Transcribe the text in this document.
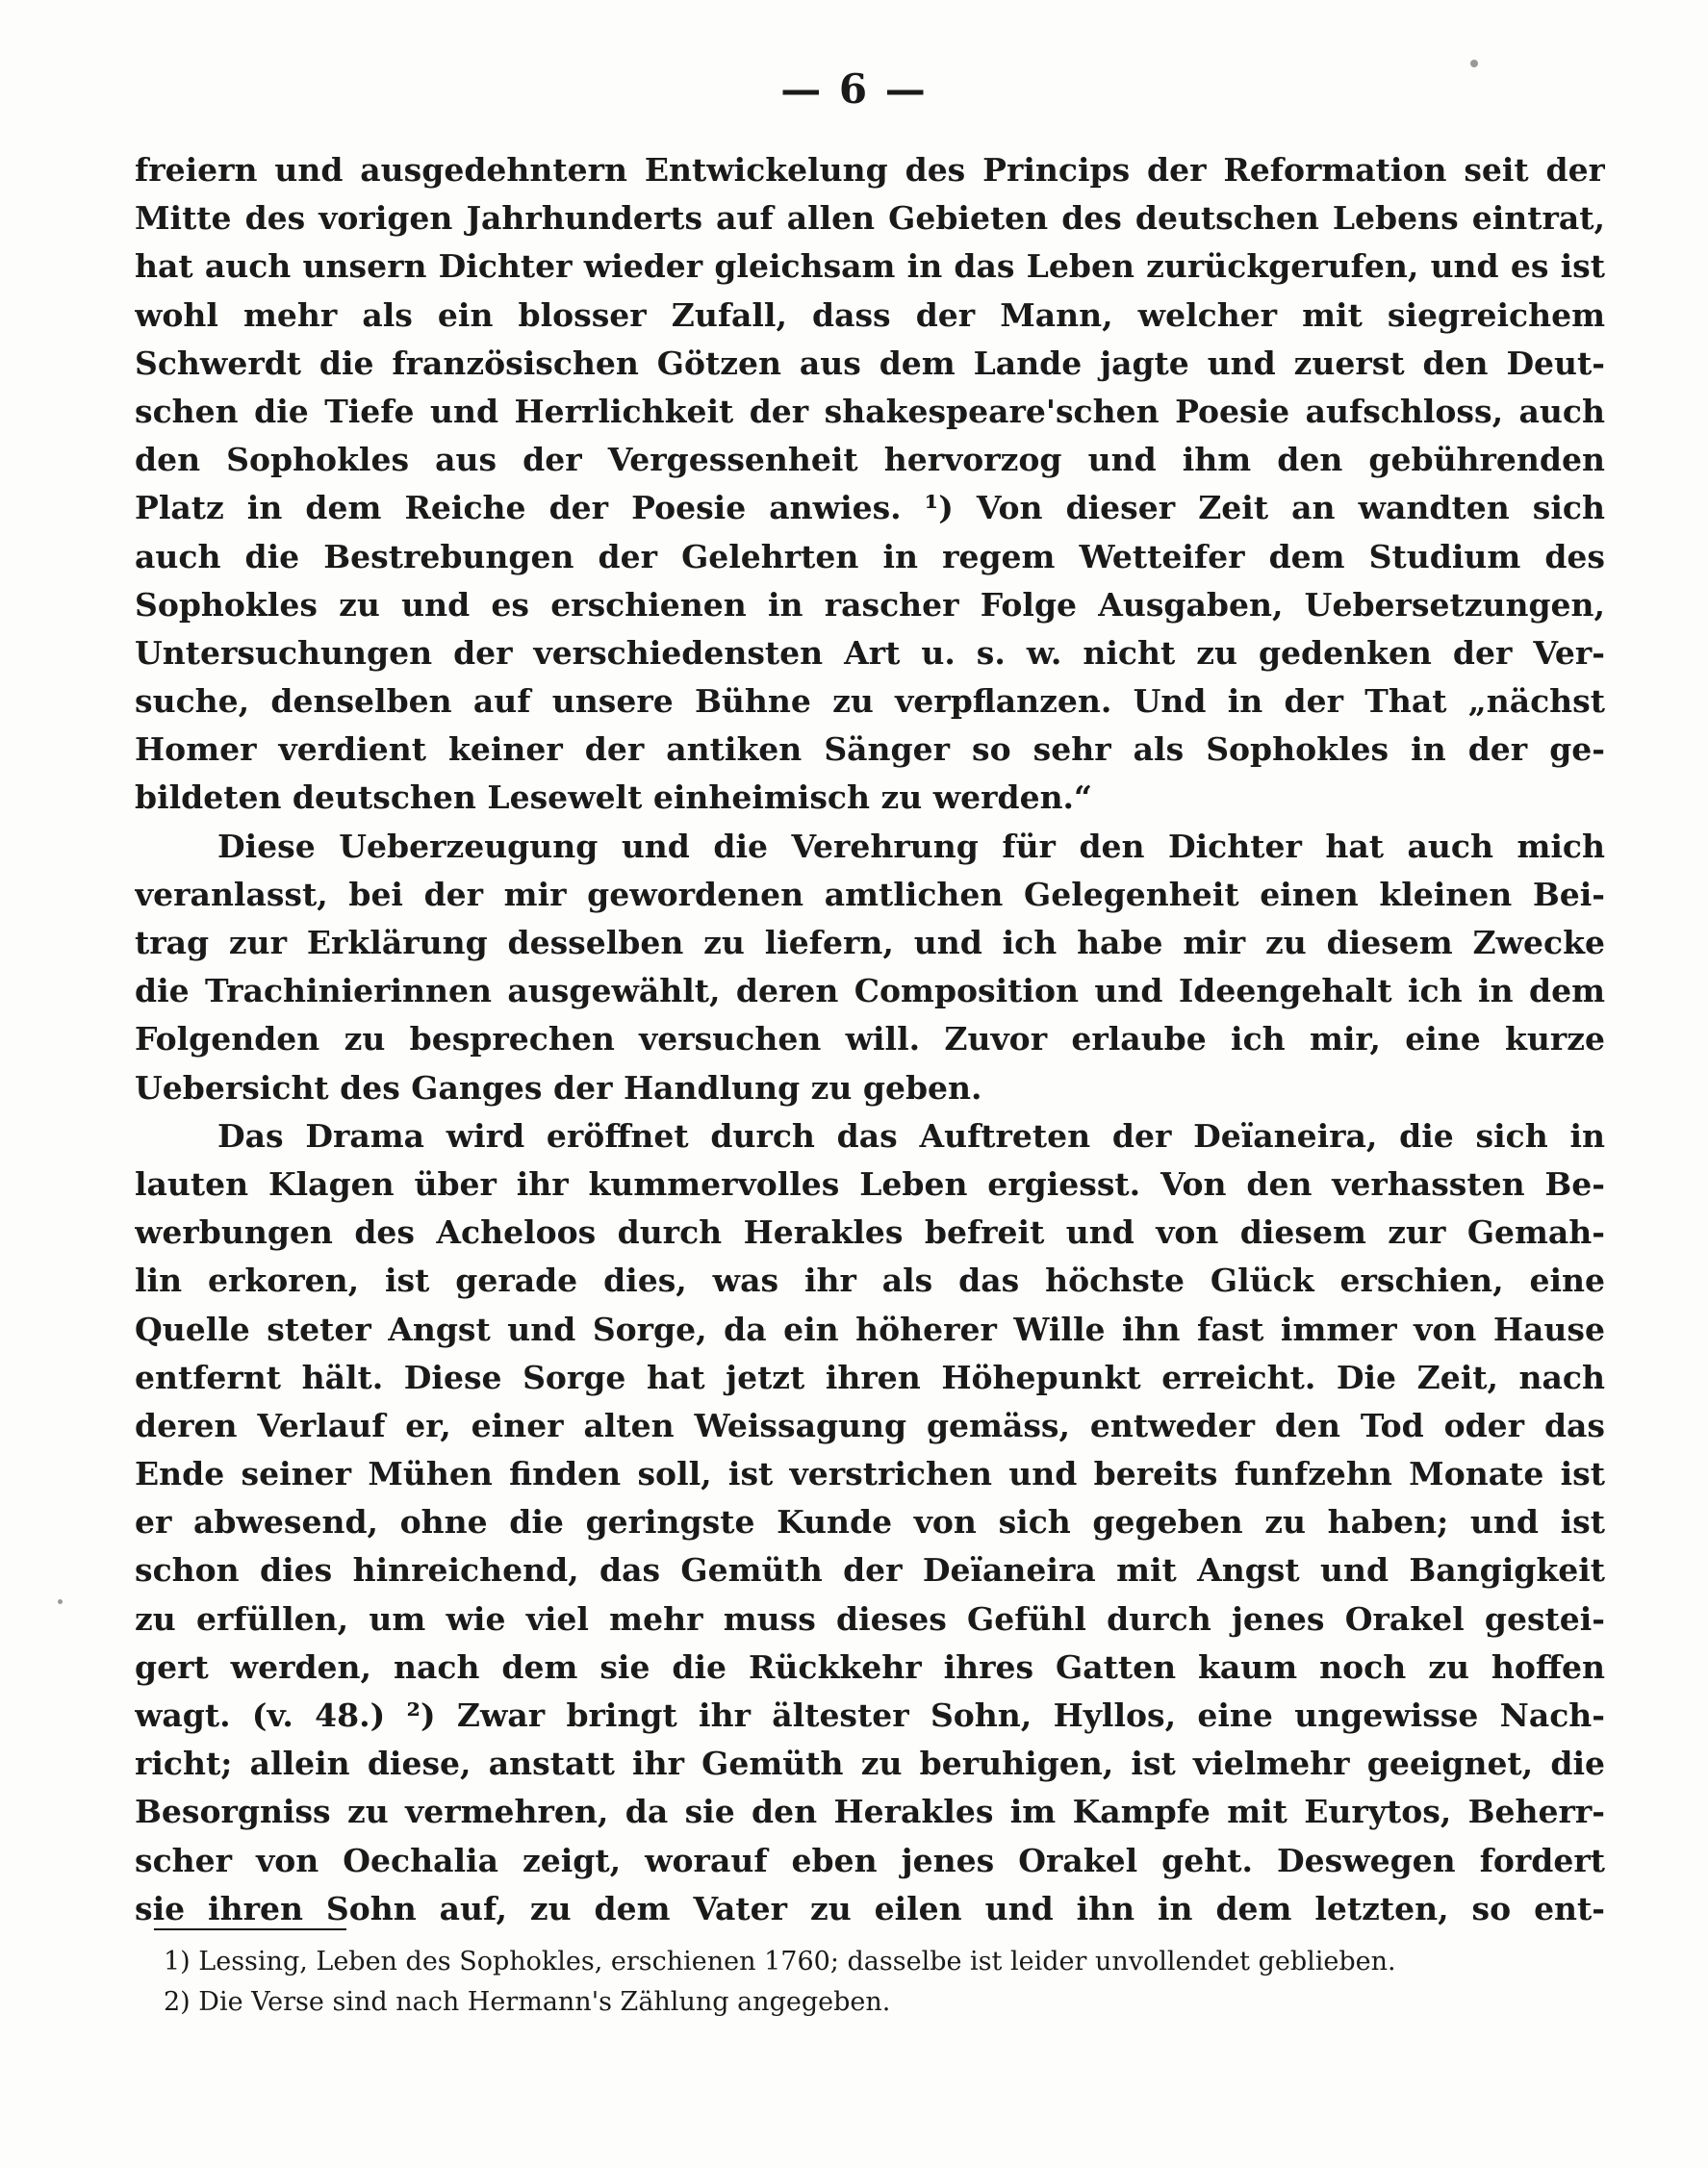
— 6 —
freiern und ausgedehntern Entwickelung des Princips der Reformation seit der
Mitte des vorigen Jahrhunderts auf allen Gebieten des deutschen Lebens eintrat,
hat auch unsern Dichter wieder gleichsam in das Leben zurückgerufen, und es ist
wohl mehr als ein blosser Zufall, dass der Mann, welcher mit siegreichem
Schwerdt die französischen Götzen aus dem Lande jagte und zuerst den Deut-
schen die Tiefe und Herrlichkeit der shakespeare'schen Poesie aufschloss, auch
den Sophokles aus der Vergessenheit hervorzog und ihm den gebührenden
Platz in dem Reiche der Poesie anwies. ¹) Von dieser Zeit an wandten sich
auch die Bestrebungen der Gelehrten in regem Wetteifer dem Studium des
Sophokles zu und es erschienen in rascher Folge Ausgaben, Uebersetzungen,
Untersuchungen der verschiedensten Art u. s. w. nicht zu gedenken der Ver-
suche, denselben auf unsere Bühne zu verpflanzen. Und in der That „nächst
Homer verdient keiner der antiken Sänger so sehr als Sophokles in der ge-
bildeten deutschen Lesewelt einheimisch zu werden.“
Diese Ueberzeugung und die Verehrung für den Dichter hat auch mich
veranlasst, bei der mir gewordenen amtlichen Gelegenheit einen kleinen Bei-
trag zur Erklärung desselben zu liefern, und ich habe mir zu diesem Zwecke
die Trachinierinnen ausgewählt, deren Composition und Ideengehalt ich in dem
Folgenden zu besprechen versuchen will. Zuvor erlaube ich mir, eine kurze
Uebersicht des Ganges der Handlung zu geben.
Das Drama wird eröffnet durch das Auftreten der Deïaneira, die sich in
lauten Klagen über ihr kummervolles Leben ergiesst. Von den verhassten Be-
werbungen des Acheloos durch Herakles befreit und von diesem zur Gemah-
lin erkoren, ist gerade dies, was ihr als das höchste Glück erschien, eine
Quelle steter Angst und Sorge, da ein höherer Wille ihn fast immer von Hause
entfernt hält. Diese Sorge hat jetzt ihren Höhepunkt erreicht. Die Zeit, nach
deren Verlauf er, einer alten Weissagung gemäss, entweder den Tod oder das
Ende seiner Mühen finden soll, ist verstrichen und bereits funfzehn Monate ist
er abwesend, ohne die geringste Kunde von sich gegeben zu haben; und ist
schon dies hinreichend, das Gemüth der Deïaneira mit Angst und Bangigkeit
zu erfüllen, um wie viel mehr muss dieses Gefühl durch jenes Orakel gestei-
gert werden, nach dem sie die Rückkehr ihres Gatten kaum noch zu hoffen
wagt. (v. 48.) ²) Zwar bringt ihr ältester Sohn, Hyllos, eine ungewisse Nach-
richt; allein diese, anstatt ihr Gemüth zu beruhigen, ist vielmehr geeignet, die
Besorgniss zu vermehren, da sie den Herakles im Kampfe mit Eurytos, Beherr-
scher von Oechalia zeigt, worauf eben jenes Orakel geht. Deswegen fordert
sie ihren Sohn auf, zu dem Vater zu eilen und ihn in dem letzten, so ent-
1) Lessing, Leben des Sophokles, erschienen 1760; dasselbe ist leider unvollendet geblieben.
2) Die Verse sind nach Hermann's Zählung angegeben.
